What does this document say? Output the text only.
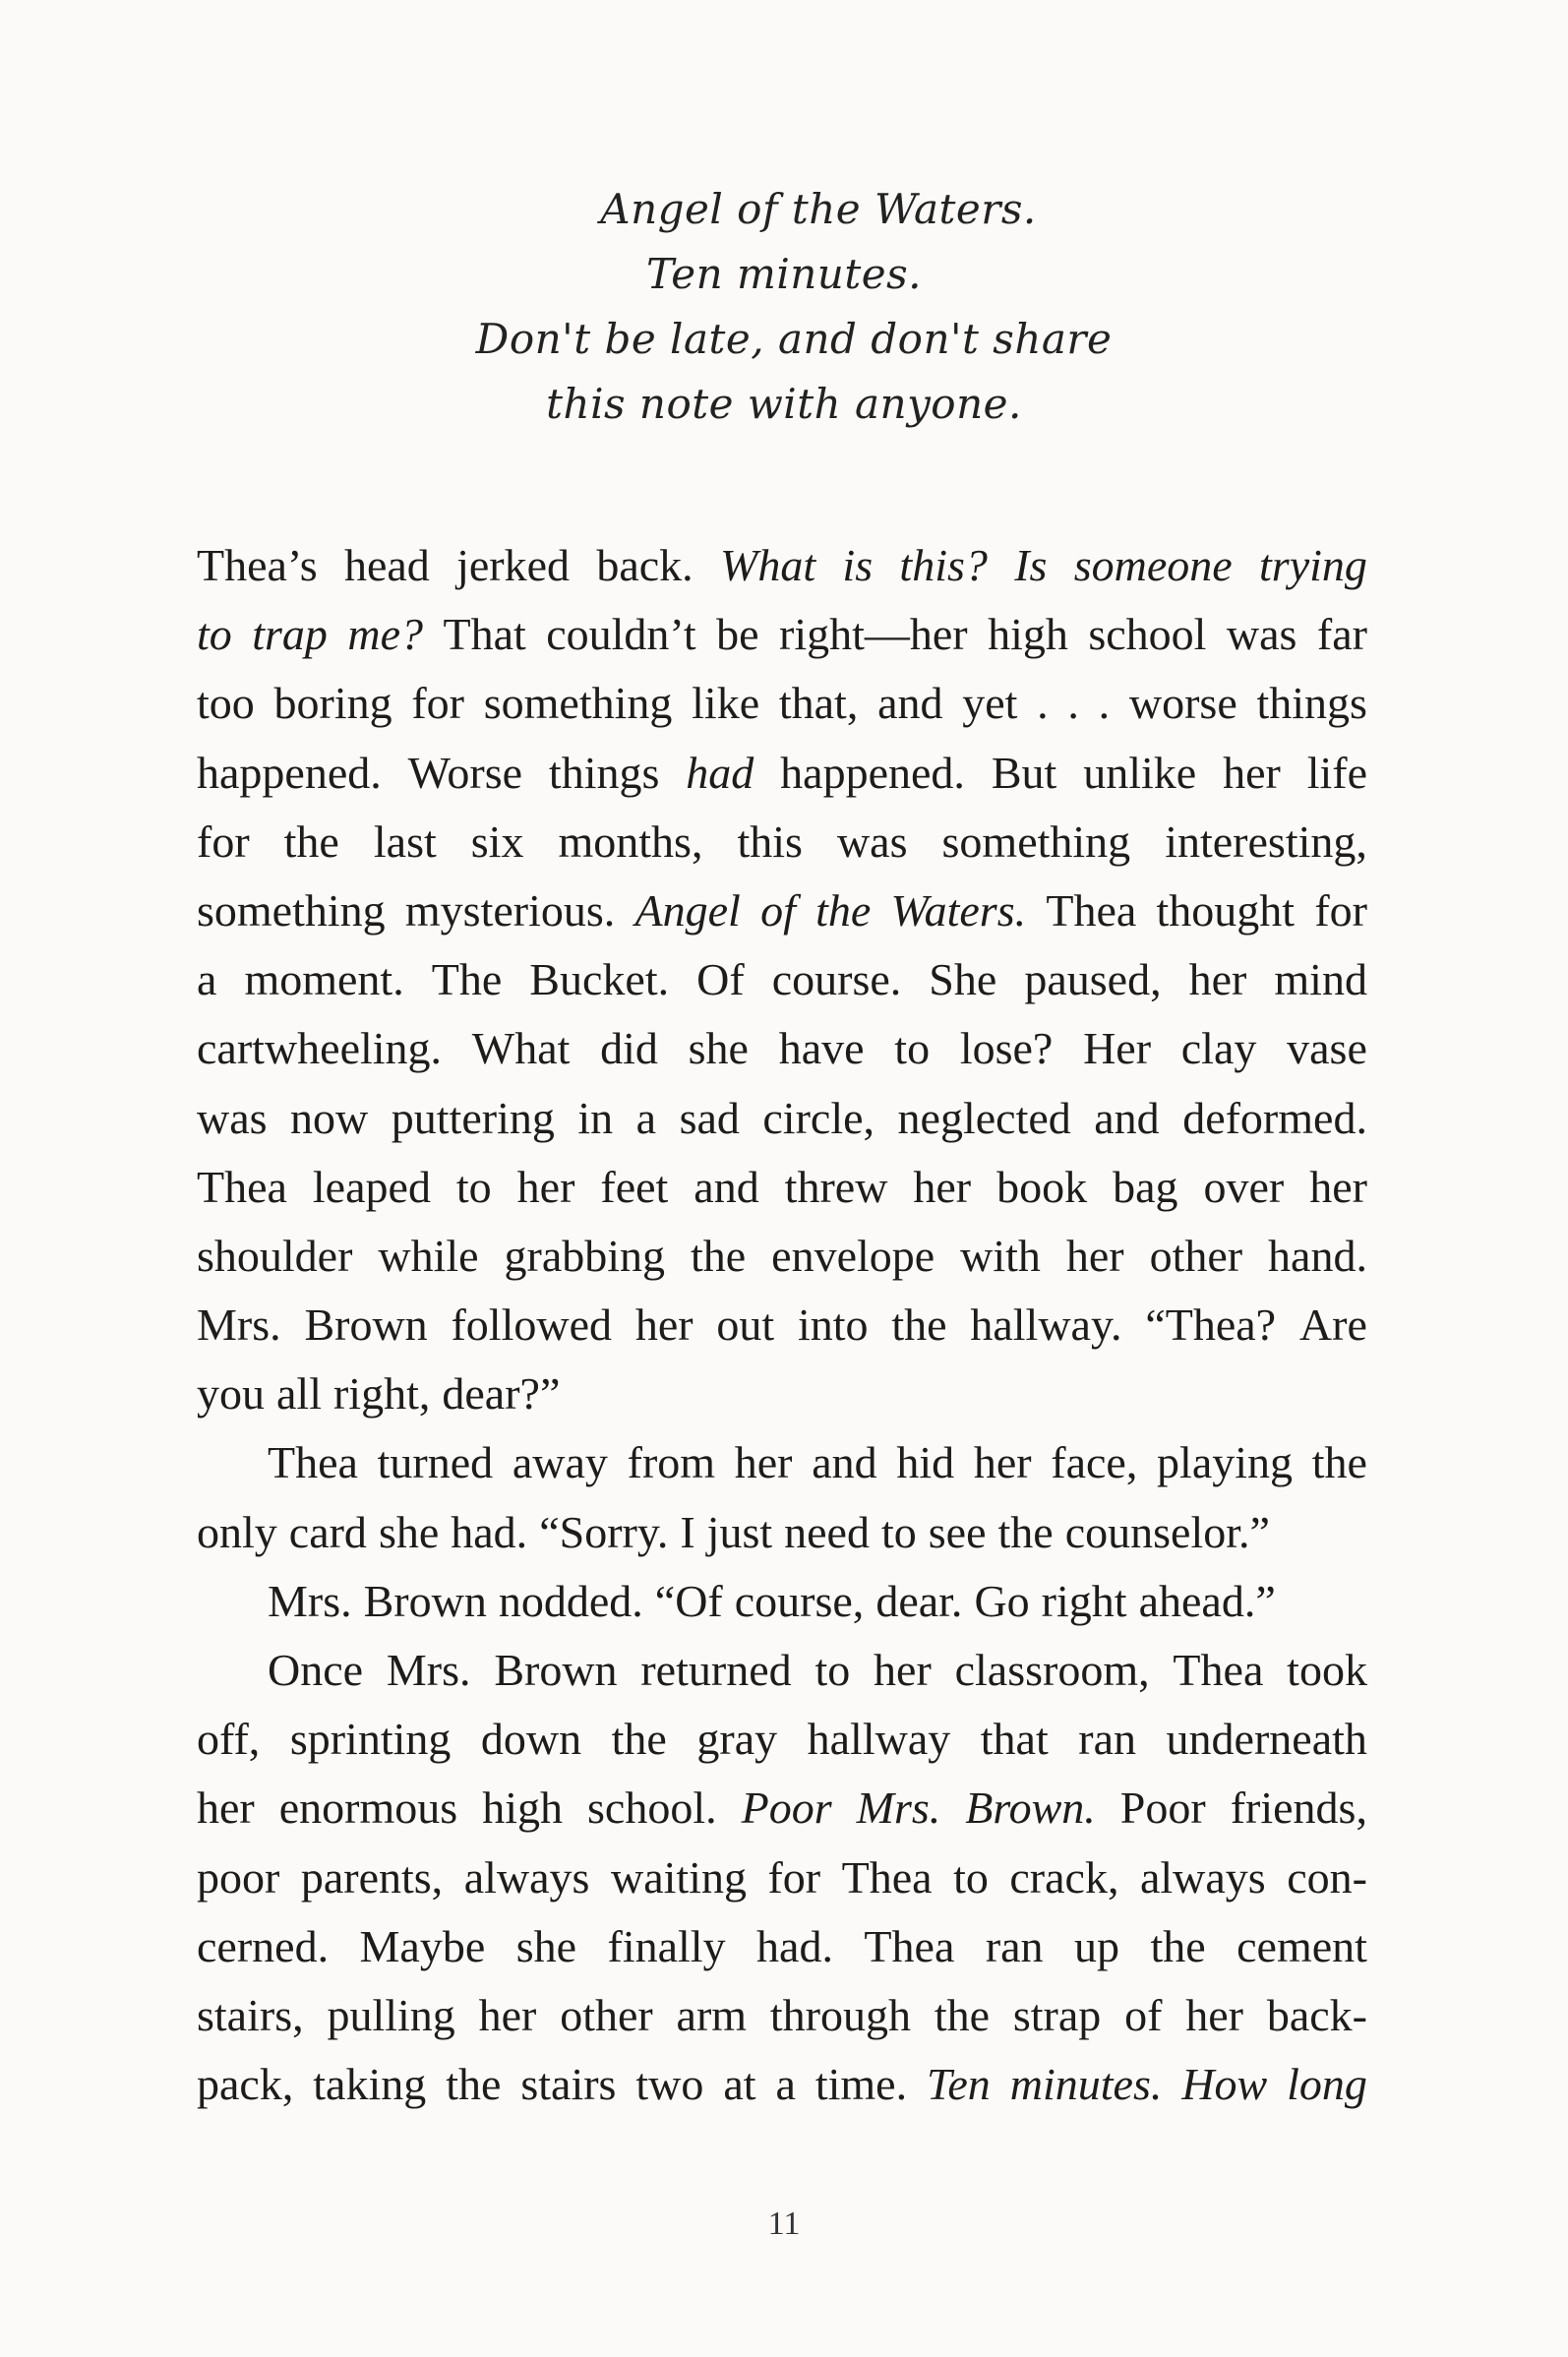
Angel of the Waters.
Ten minutes.
Don't be late, and don't share
this note with anyone.
Thea’s head jerked back. What is this? Is someone trying
to trap me? That couldn’t be right—her high school was far
too boring for something like that, and yet . . . worse things
happened. Worse things had happened. But unlike her life
for the last six months, this was something interesting,
something mysterious. Angel of the Waters. Thea thought for
a moment. The Bucket. Of course. She paused, her mind
cartwheeling. What did she have to lose? Her clay vase
was now puttering in a sad circle, neglected and deformed.
Thea leaped to her feet and threw her book bag over her
shoulder while grabbing the envelope with her other hand.
Mrs. Brown followed her out into the hallway. “Thea? Are
you all right, dear?”
Thea turned away from her and hid her face, playing the
only card she had. “Sorry. I just need to see the counselor.”
Mrs. Brown nodded. “Of course, dear. Go right ahead.”
Once Mrs. Brown returned to her classroom, Thea took
off, sprinting down the gray hallway that ran underneath
her enormous high school. Poor Mrs. Brown. Poor friends,
poor parents, always waiting for Thea to crack, always con-
cerned. Maybe she finally had. Thea ran up the cement
stairs, pulling her other arm through the strap of her back-
pack, taking the stairs two at a time. Ten minutes. How long
11
